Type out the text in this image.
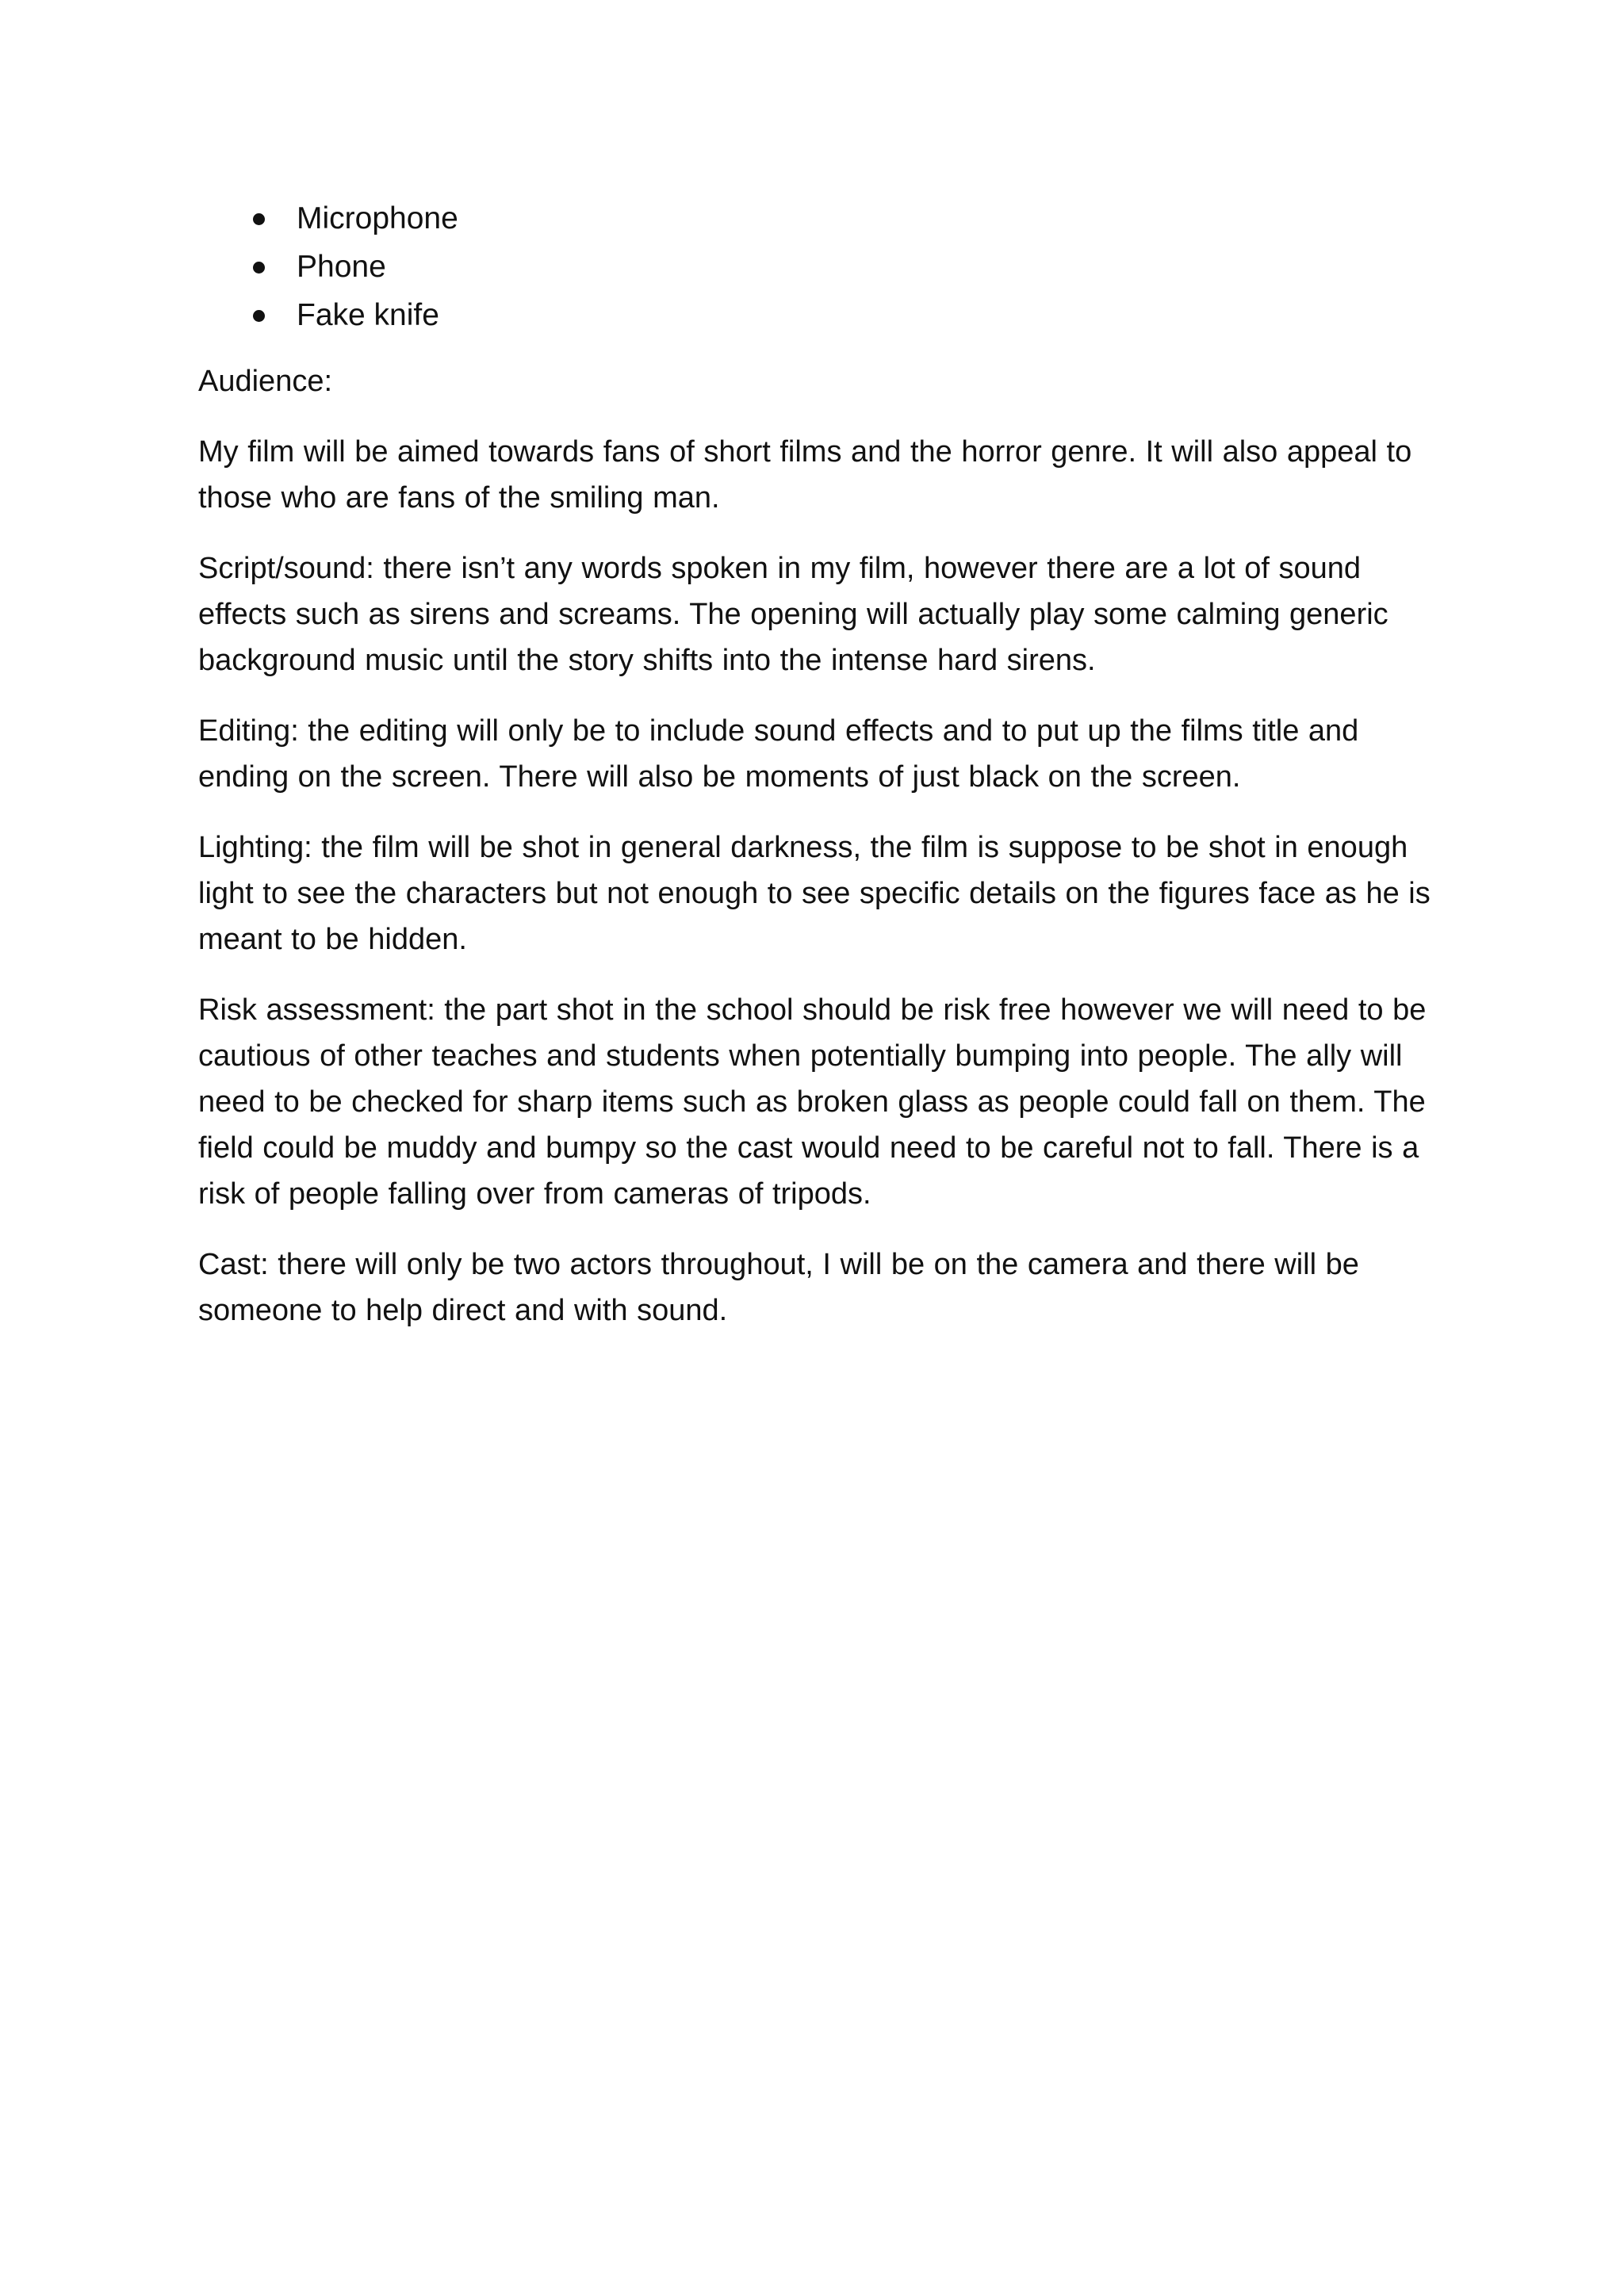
Microphone
Phone
Fake knife

Audience:

My film will be aimed towards fans of short films and the horror genre. It will also appeal to those who are fans of the smiling man.

Script/sound: there isn’t any words spoken in my film, however there are a lot of sound effects such as sirens and screams. The opening will actually play some calming generic background music until the story shifts into the intense hard sirens.

Editing: the editing will only be to include sound effects and to put up the films title and ending on the screen. There will also be moments of just black on the screen.

Lighting: the film will be shot in general darkness, the film is suppose to be shot in enough light to see the characters but not enough to see specific details on the figures face as he is meant to be hidden.

Risk assessment: the part shot in the school should be risk free however we will need to be cautious of other teaches and students when potentially bumping into people. The ally will need to be checked for sharp items such as broken glass as people could fall on them. The field could be muddy and bumpy so the cast would need to be careful not to fall. There is a risk of people falling over from cameras of tripods.

Cast: there will only be two actors throughout, I will be on the camera and there will be someone to help direct and with sound.
